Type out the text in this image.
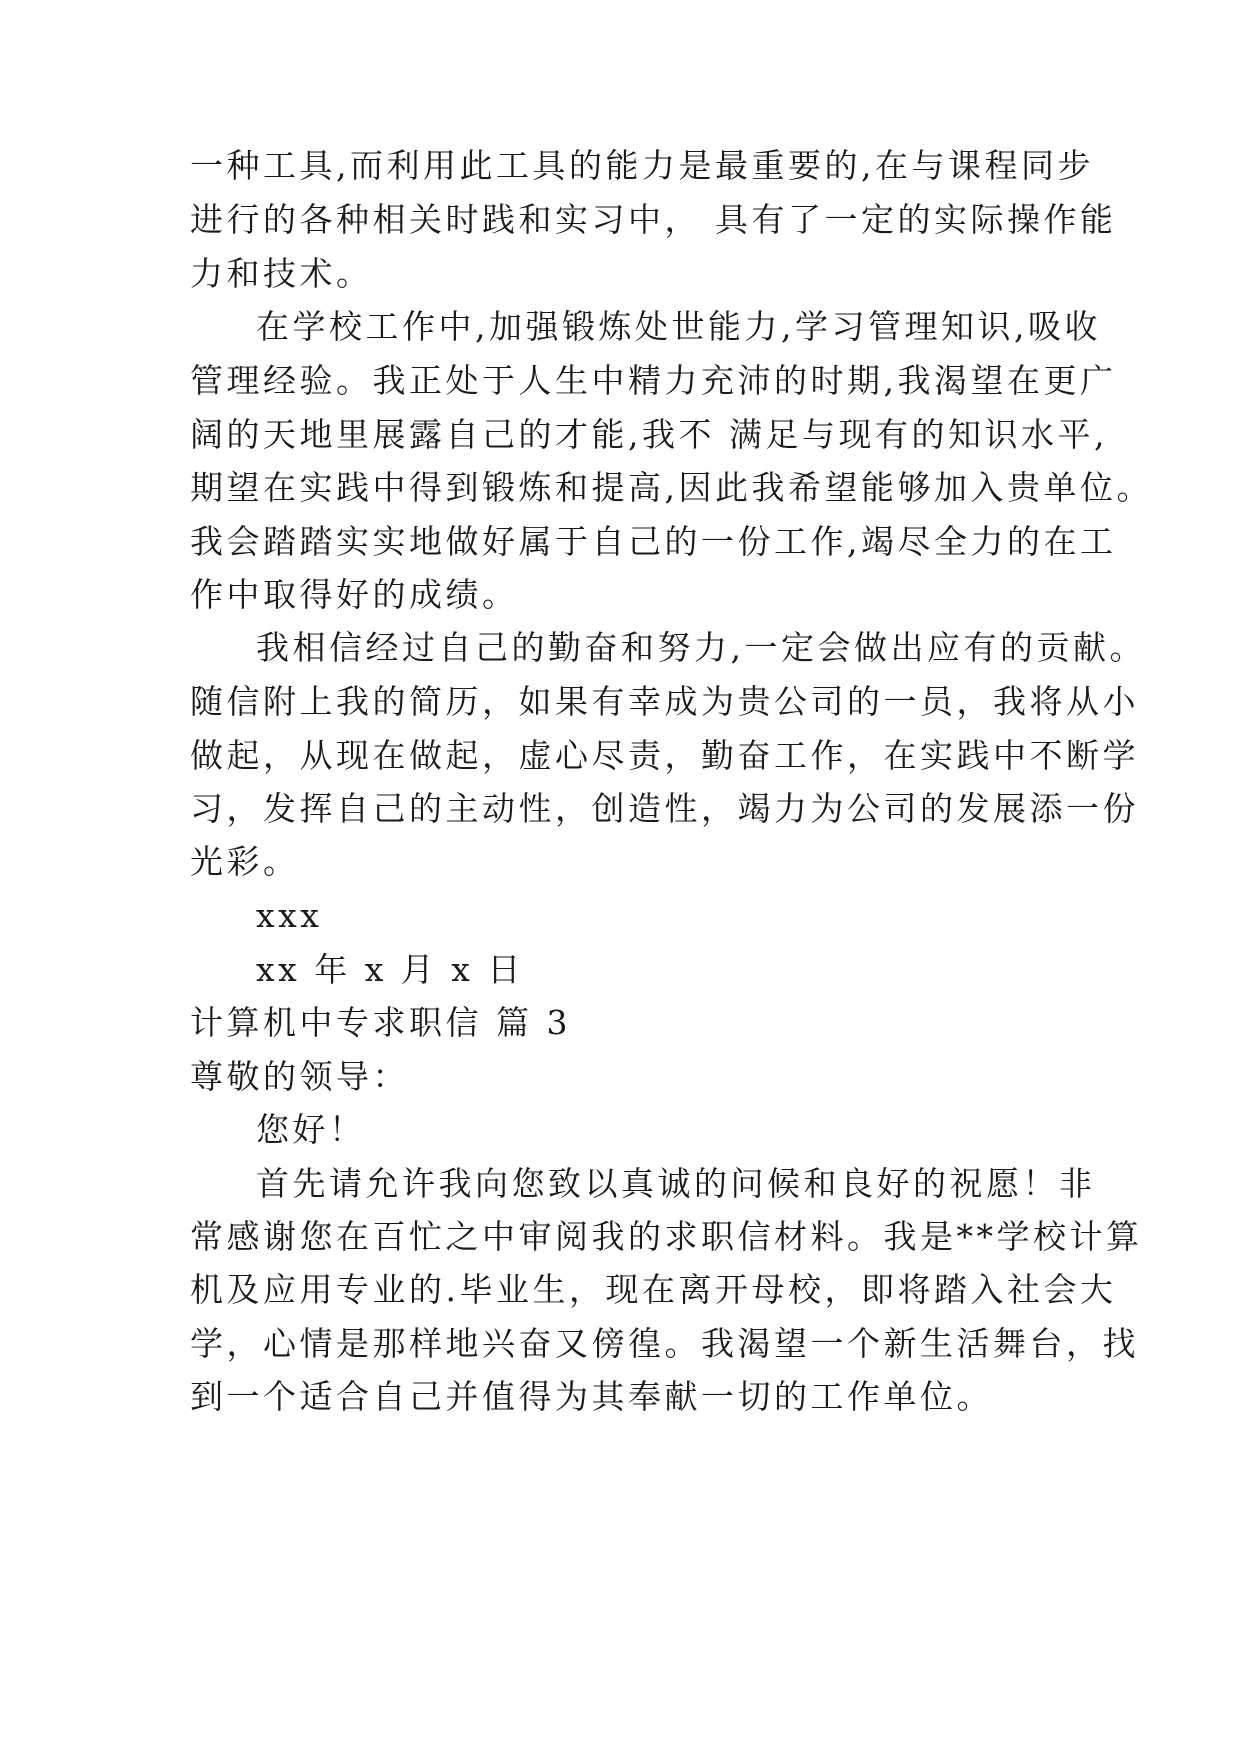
一种工具,而利用此工具的能力是最重要的,在与课程同步
进行的各种相关时践和实习中， 具有了一定的实际操作能
力和技术。
在学校工作中,加强锻炼处世能力,学习管理知识,吸收
管理经验。我正处于人生中精力充沛的时期,我渴望在更广
阔的天地里展露自己的才能,我不 满足与现有的知识水平,
期望在实践中得到锻炼和提高,因此我希望能够加入贵单位。
我会踏踏实实地做好属于自己的一份工作,竭尽全力的在工
作中取得好的成绩。
我相信经过自己的勤奋和努力,一定会做出应有的贡献。
随信附上我的简历，如果有幸成为贵公司的一员，我将从小
做起，从现在做起，虚心尽责，勤奋工作，在实践中不断学
习，发挥自己的主动性，创造性，竭力为公司的发展添一份
光彩。
xxx
xx 年 x 月 x 日
计算机中专求职信 篇 3
尊敬的领导：
您好！
首先请允许我向您致以真诚的问候和良好的祝愿！非
常感谢您在百忙之中审阅我的求职信材料。我是**学校计算
机及应用专业的.毕业生，现在离开母校，即将踏入社会大
学，心情是那样地兴奋又傍徨。我渴望一个新生活舞台，找
到一个适合自己并值得为其奉献一切的工作单位。
